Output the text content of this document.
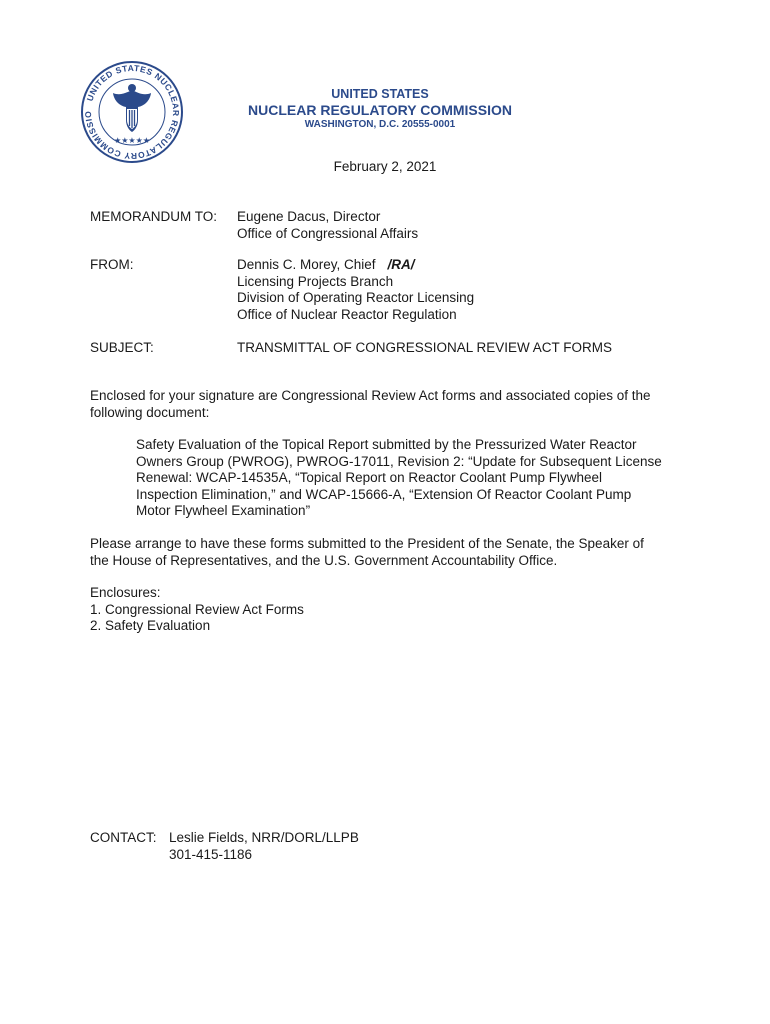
UNITED STATES NUCLEAR REGULATORY COMMISSIO
★★★★★
UNITED STATES
NUCLEAR REGULATORY COMMISSION
WASHINGTON, D.C. 20555-0001
February 2, 2021
MEMORANDUM TO: Eugene Dacus, Director
Office of Congressional Affairs
FROM:	Dennis C. Morey, Chief /RA/
Licensing Projects Branch
Division of Operating Reactor Licensing
Office of Nuclear Reactor Regulation
SUBJECT:	TRANSMITTAL OF CONGRESSIONAL REVIEW ACT FORMS
Enclosed for your signature are Congressional Review Act forms and associated copies of the
following document:
Safety Evaluation of the Topical Report submitted by the Pressurized Water Reactor
Owners Group (PWROG), PWROG-17011, Revision 2: “Update for Subsequent License
Renewal: WCAP-14535A, “Topical Report on Reactor Coolant Pump Flywheel
Inspection Elimination,” and WCAP-15666-A, “Extension Of Reactor Coolant Pump
Motor Flywheel Examination”
Please arrange to have these forms submitted to the President of the Senate, the Speaker of
the House of Representatives, and the U.S. Government Accountability Office.
Enclosures:
1. Congressional Review Act Forms
2. Safety Evaluation
CONTACT: Leslie Fields, NRR/DORL/LLPB
301-415-1186
